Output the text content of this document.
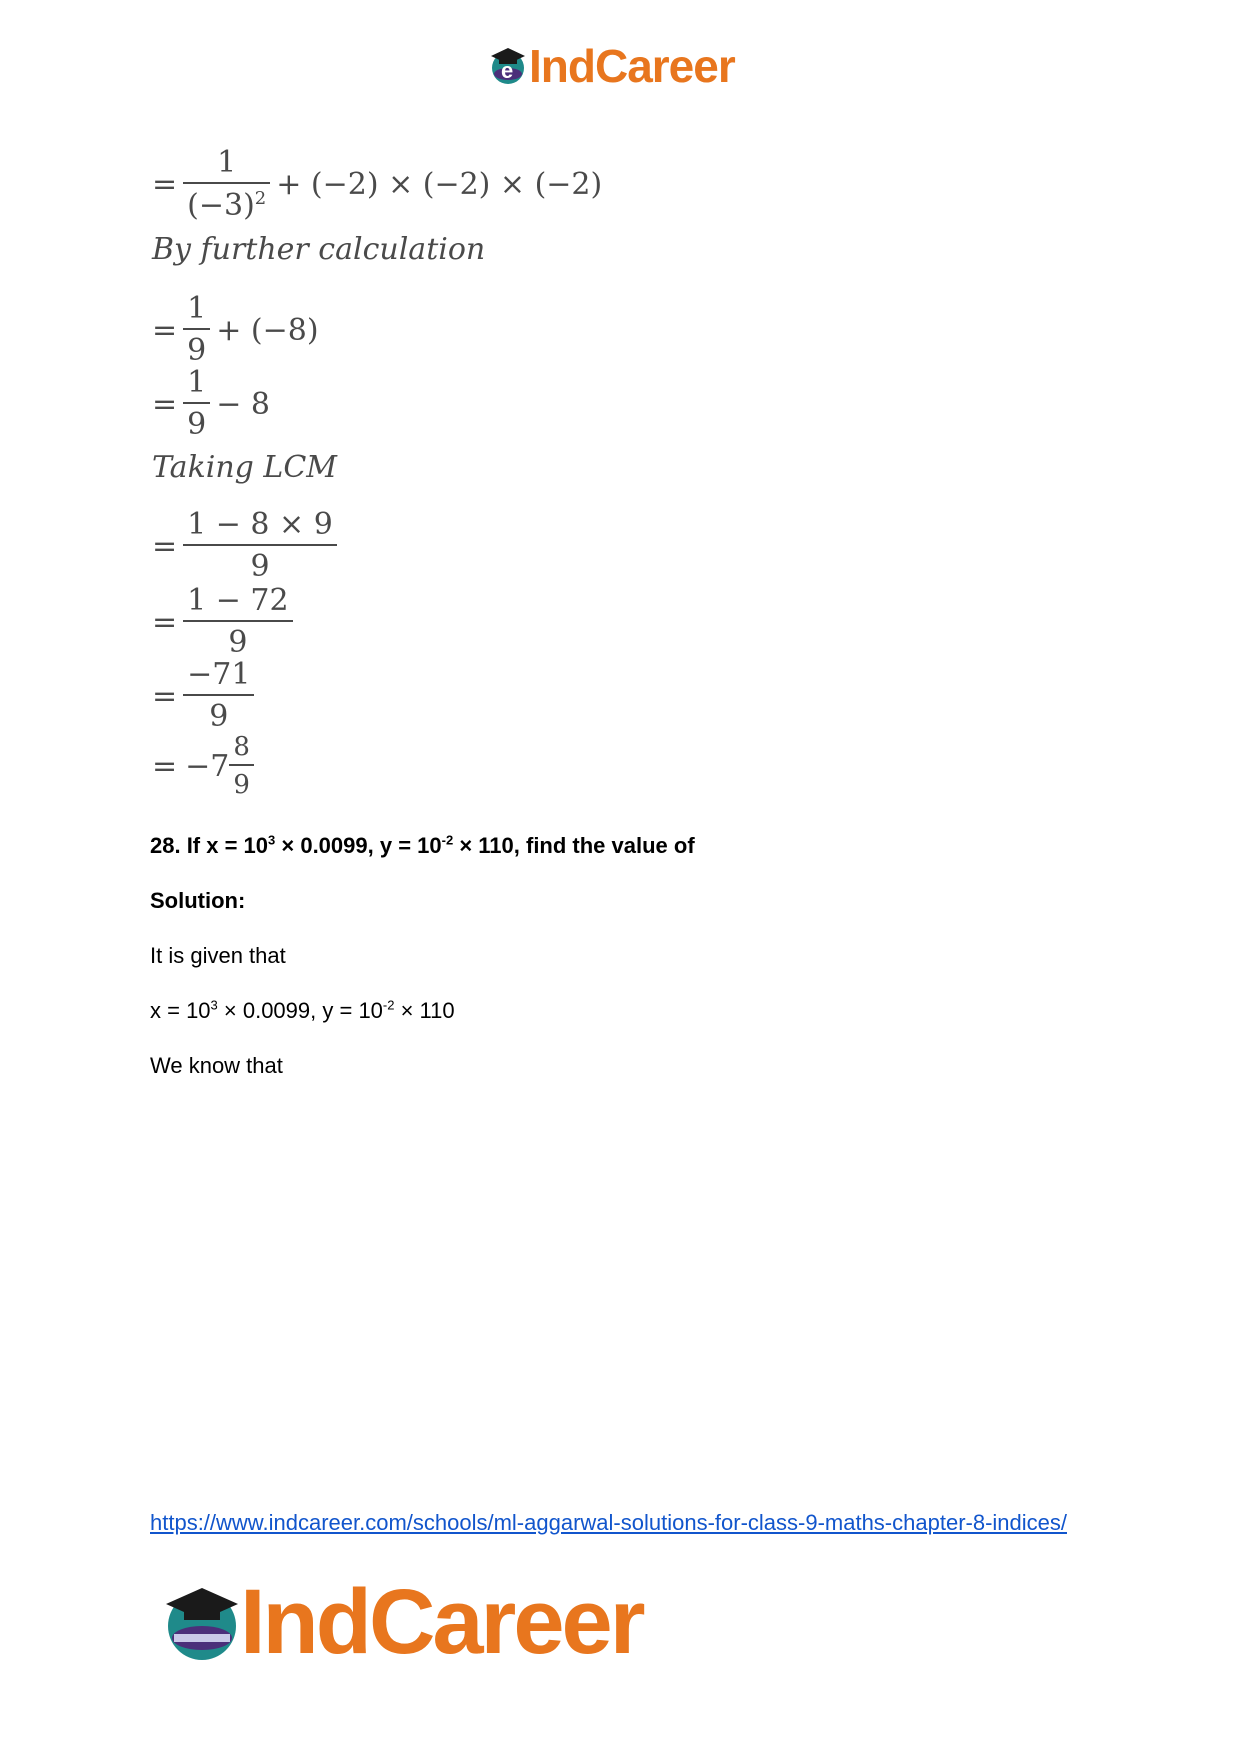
e IndCareer
= $\frac{1}{(-3)^2} + (-2) \times (-2) \times (-2)$
By further calculation
= $\frac{1}{9} + (-8)$
= $\frac{1}{9} - 8$
Taking LCM
= $\frac{1 - 8 \times 9}{9}$
= $\frac{1 - 72}{9}$
= $\frac{-71}{9}$
= $-7 \frac{8}{9}$
28. If $x = 10^3 \times 0.0099$, $y = 10^{-2} \times 110$, find the value of
Solution:
It is given that
$x = 10^3 \times 0.0099$, $y = 10^{-2} \times 110$
We know that
https://www.indcareer.com/schools/ml-aggarwal-solutions-for-class-9-maths-chapter-8-indices/
IndCareer
